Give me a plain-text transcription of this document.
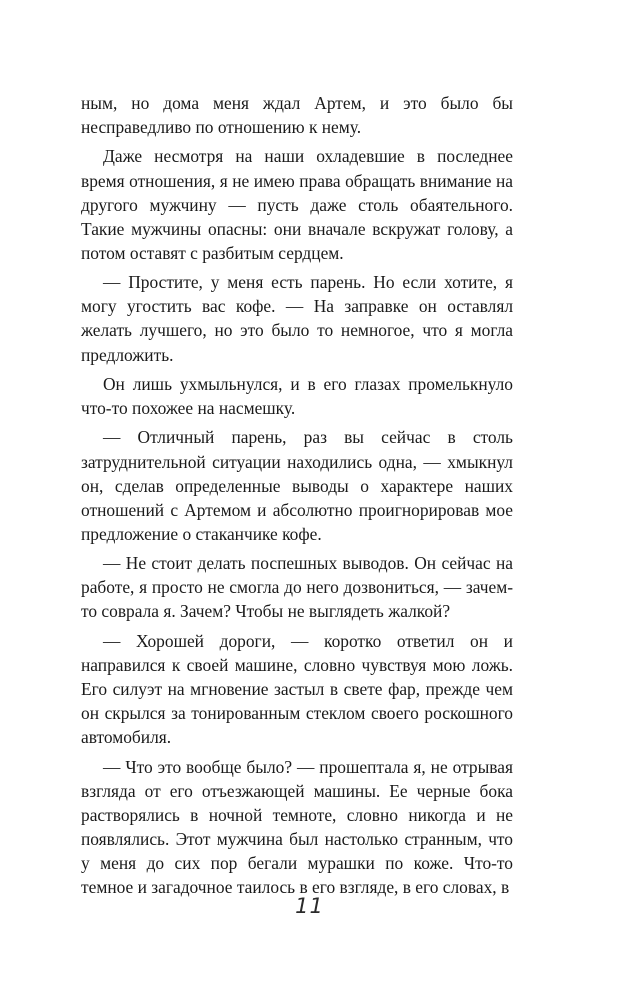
ным, но дома меня ждал Артем, и это было бы несправедливо по отношению к нему.

Даже несмотря на наши охладевшие в последнее время отношения, я не имею права обращать внимание на другого мужчину — пусть даже столь обаятельного. Такие мужчины опасны: они вначале вскружат голову, а потом оставят с разбитым сердцем.

— Простите, у меня есть парень. Но если хотите, я могу угостить вас кофе. — На заправке он оставлял желать лучшего, но это было то немногое, что я могла предложить.

Он лишь ухмыльнулся, и в его глазах промелькнуло что-то похожее на насмешку.

— Отличный парень, раз вы сейчас в столь затруднительной ситуации находились одна, — хмыкнул он, сделав определенные выводы о характере наших отношений с Артемом и абсолютно проигнорировав мое предложение о стаканчике кофе.

— Не стоит делать поспешных выводов. Он сейчас на работе, я просто не смогла до него дозвониться, — зачем-то соврала я. Зачем? Чтобы не выглядеть жалкой?

— Хорошей дороги, — коротко ответил он и направился к своей машине, словно чувствуя мою ложь. Его силуэт на мгновение застыл в свете фар, прежде чем он скрылся за тонированным стеклом своего роскошного автомобиля.

— Что это вообще было? — прошептала я, не отрывая взгляда от его отъезжающей машины. Ее черные бока растворялись в ночной темноте, словно никогда и не появлялись. Этот мужчина был настолько странным, что у меня до сих пор бегали мурашки по коже. Что-то темное и загадочное таилось в его взгляде, в его словах, в

11
